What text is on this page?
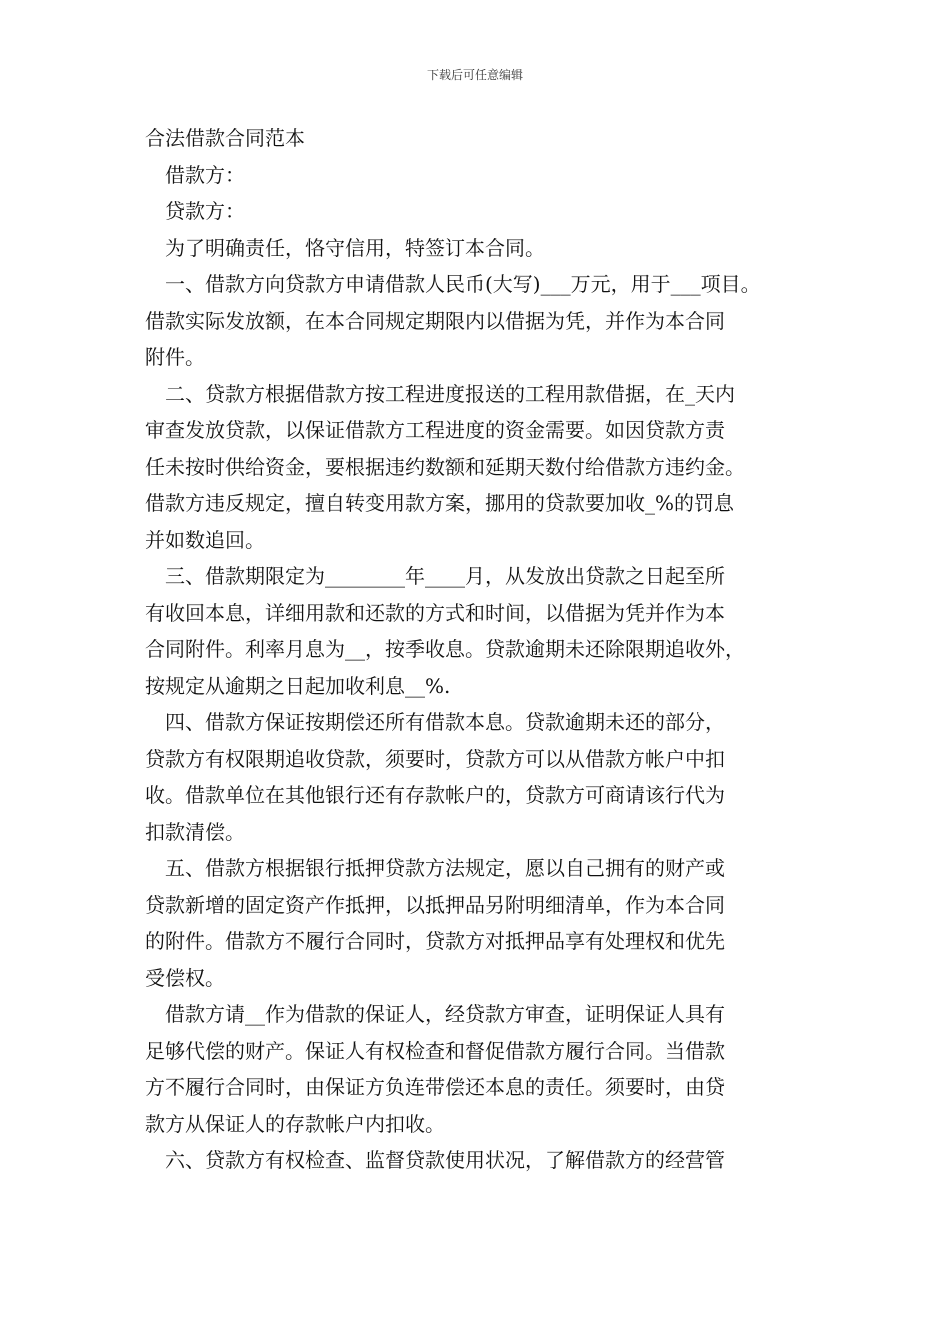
下载后可任意编辑
合法借款合同范本
借款方：
贷款方：
为了明确责任，恪守信用，特签订本合同。
一、借款方向贷款方申请借款人民币(大写)___万元，用于___项目。
借款实际发放额，在本合同规定期限内以借据为凭，并作为本合同
附件。
二、贷款方根据借款方按工程进度报送的工程用款借据，在_天内
审查发放贷款，以保证借款方工程进度的资金需要。如因贷款方责
任未按时供给资金，要根据违约数额和延期天数付给借款方违约金。
借款方违反规定，擅自转变用款方案，挪用的贷款要加收_%的罚息
并如数追回。
三、借款期限定为________年____月，从发放出贷款之日起至所
有收回本息，详细用款和还款的方式和时间，以借据为凭并作为本
合同附件。利率月息为__，按季收息。贷款逾期未还除限期追收外，
按规定从逾期之日起加收利息__%.
四、借款方保证按期偿还所有借款本息。贷款逾期未还的部分，
贷款方有权限期追收贷款，须要时，贷款方可以从借款方帐户中扣
收。借款单位在其他银行还有存款帐户的，贷款方可商请该行代为
扣款清偿。
五、借款方根据银行抵押贷款方法规定，愿以自己拥有的财产或
贷款新增的固定资产作抵押，以抵押品另附明细清单，作为本合同
的附件。借款方不履行合同时，贷款方对抵押品享有处理权和优先
受偿权。
借款方请__作为借款的保证人，经贷款方审查，证明保证人具有
足够代偿的财产。保证人有权检查和督促借款方履行合同。当借款
方不履行合同时，由保证方负连带偿还本息的责任。须要时，由贷
款方从保证人的存款帐户内扣收。
六、贷款方有权检查、监督贷款使用状况，了解借款方的经营管
